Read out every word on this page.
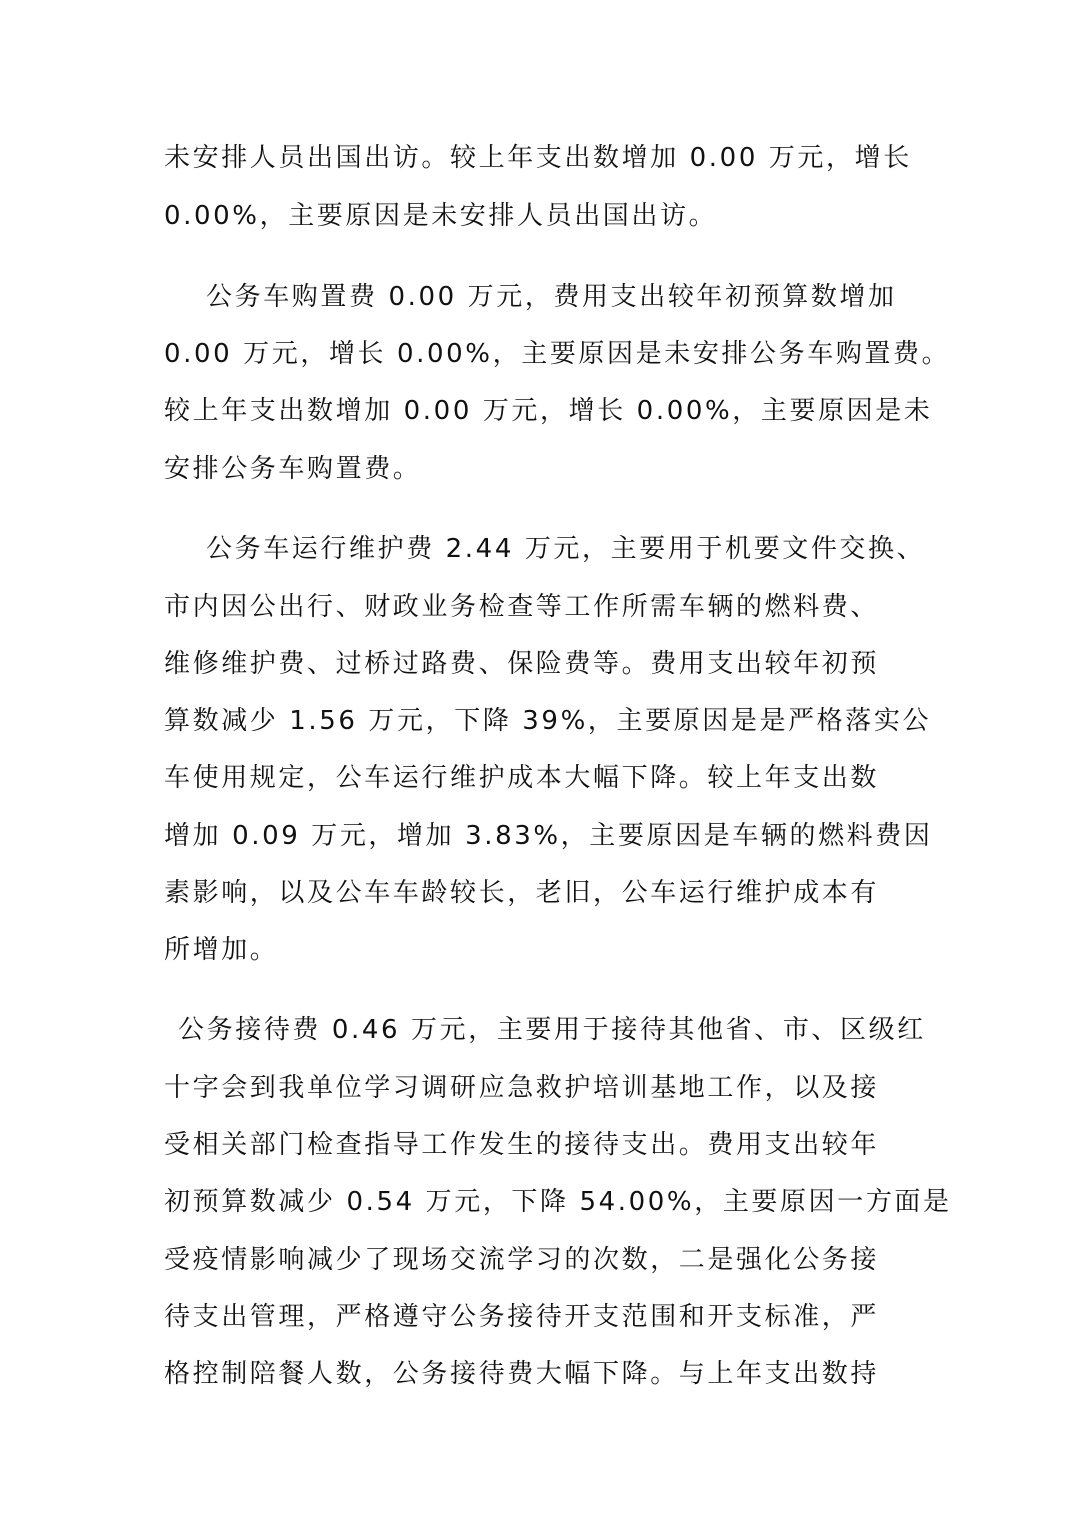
未安排人员出国出访。较上年支出数增加 0.00 万元，增长
0.00%，主要原因是未安排人员出国出访。
公务车购置费 0.00 万元，费用支出较年初预算数增加
0.00 万元，增长 0.00%，主要原因是未安排公务车购置费。
较上年支出数增加 0.00 万元，增长 0.00%，主要原因是未
安排公务车购置费。
公务车运行维护费 2.44 万元，主要用于机要文件交换、
市内因公出行、财政业务检查等工作所需车辆的燃料费、
维修维护费、过桥过路费、保险费等。费用支出较年初预
算数减少 1.56 万元，下降 39%，主要原因是是严格落实公
车使用规定，公车运行维护成本大幅下降。较上年支出数
增加 0.09 万元，增加 3.83%，主要原因是车辆的燃料费因
素影响，以及公车车龄较长，老旧，公车运行维护成本有
所增加。
公务接待费 0.46 万元，主要用于接待其他省、市、区级红
十字会到我单位学习调研应急救护培训基地工作，以及接
受相关部门检查指导工作发生的接待支出。费用支出较年
初预算数减少 0.54 万元，下降 54.00%，主要原因一方面是
受疫情影响减少了现场交流学习的次数，二是强化公务接
待支出管理，严格遵守公务接待开支范围和开支标准，严
格控制陪餐人数，公务接待费大幅下降。与上年支出数持
